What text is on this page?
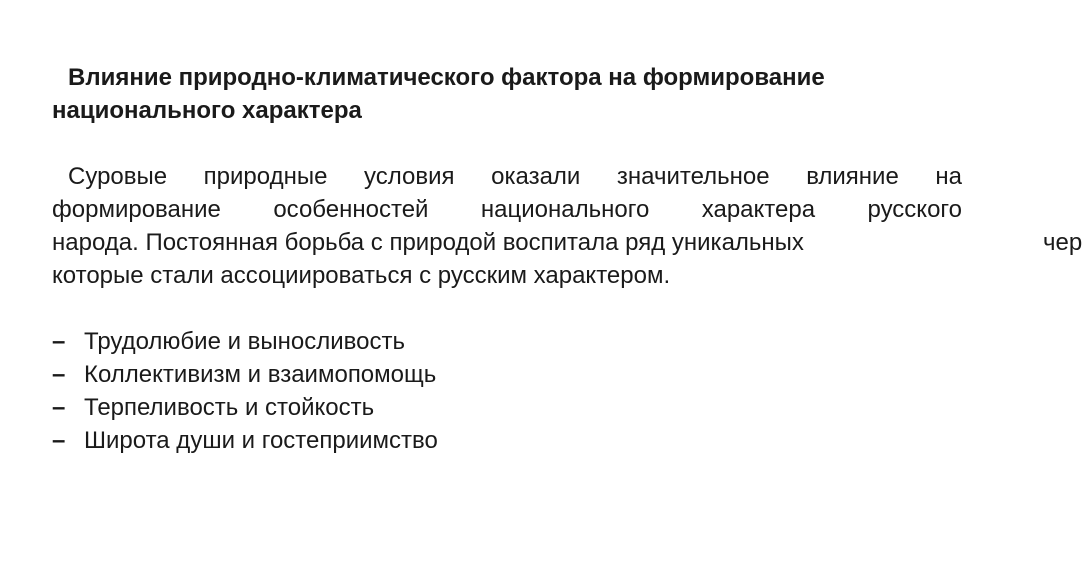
Влияние природно-климатического фактора на формирование национального характера
Суровые природные условия оказали значительное влияние на
формирование особенностей национального характера русского
народа. Постоянная борьба с природой воспитала ряд уникальных	чер
которые стали ассоциироваться с русским характером.
– Трудолюбие и выносливость
– Коллективизм и взаимопомощь
– Терпеливость и стойкость
– Широта души и гостеприимство
